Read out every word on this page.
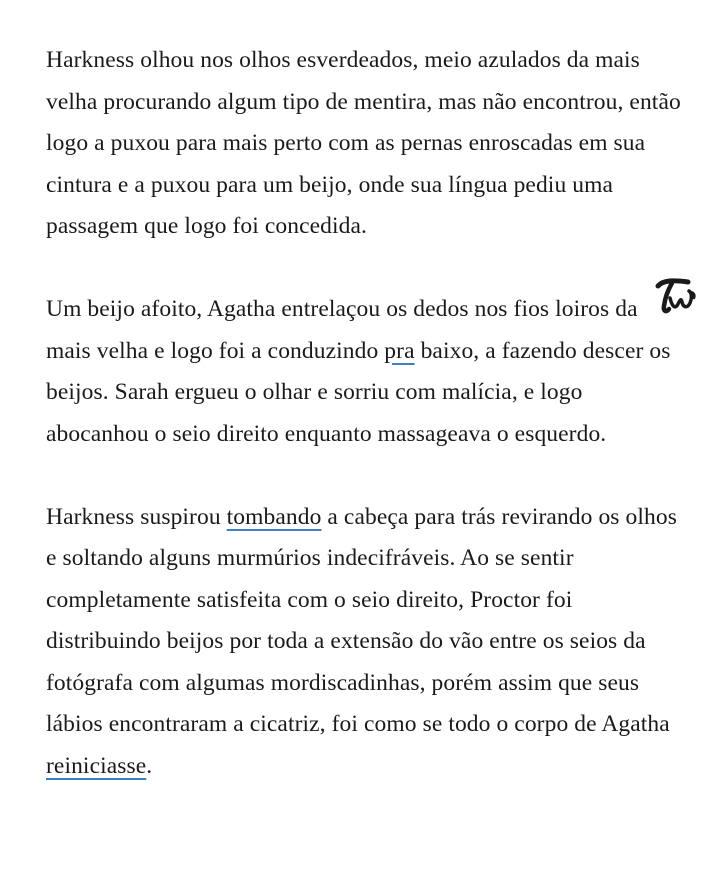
Harkness olhou nos olhos esverdeados, meio azulados da mais velha procurando algum tipo de mentira, mas não encontrou, então logo a puxou para mais perto com as pernas enroscadas em sua cintura e a puxou para um beijo, onde sua língua pediu uma passagem que logo foi concedida.

Um beijo afoito, Agatha entrelaçou os dedos nos fios loiros da mais velha e logo foi a conduzindo pra baixo, a fazendo descer os beijos. Sarah ergueu o olhar e sorriu com malícia, e logo abocanhou o seio direito enquanto massageava o esquerdo.

Harkness suspirou tombando a cabeça para trás revirando os olhos e soltando alguns murmúrios indecifráveis. Ao se sentir completamente satisfeita com o seio direito, Proctor foi distribuindo beijos por toda a extensão do vão entre os seios da fotógrafa com algumas mordiscadinhas, porém assim que seus lábios encontraram a cicatriz, foi como se todo o corpo de Agatha reiniciasse.
